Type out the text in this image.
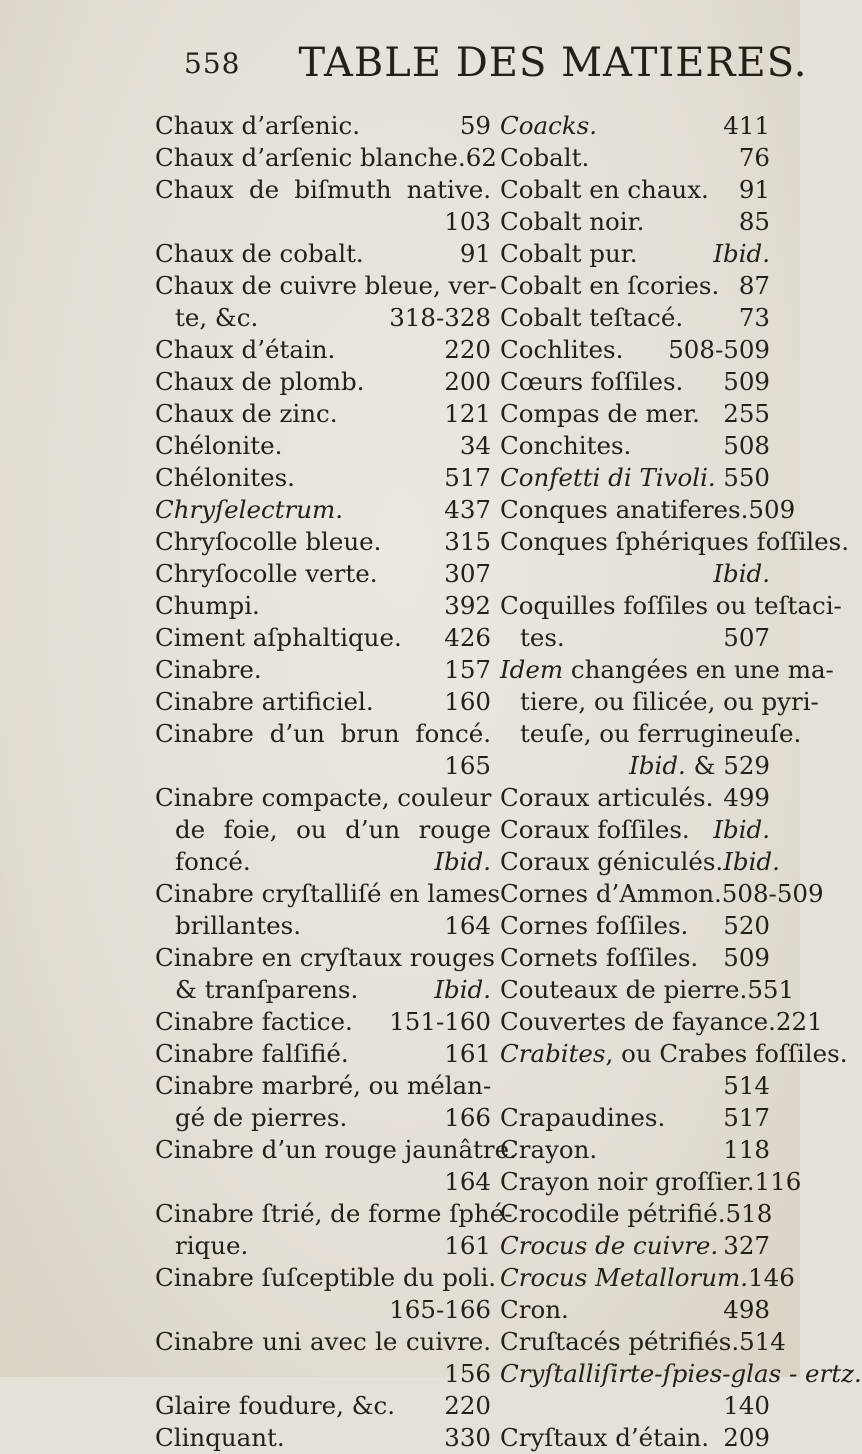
558 TABLE DES MATIERES.
Chaux d’arſenic.	59
Chaux d’arſenic blanche. 62
Chaux de biſmuth native.
103
Chaux de cobalt.	91
Chaux de cuivre bleue, ver-
te, &c.	318-328
Chaux d’étain.	220
Chaux de plomb.	200
Chaux de zinc.	121
Chélonite.	34
Chélonites.	517
Chryſelectrum.	437
Chryſocolle bleue.	315
Chryſocolle verte.	307
Chumpi.	392
Ciment aſphaltique.	426
Cinabre.	157
Cinabre artificiel.	160
Cinabre d’un brun foncé.
165
Cinabre compacte, couleur
de foie, ou d’un rouge
foncé.	Ibid.
Cinabre cryſtalliſé en lames
brillantes.	164
Cinabre en cryſtaux rouges
& tranſparens.	Ibid.
Cinabre factice.	151-160
Cinabre falſifié.	161
Cinabre marbré, ou mélan-
gé de pierres.	166
Cinabre d’un rouge jaunâtre.
164
Cinabre ſtrié, de forme ſphé-
rique.	161
Cinabre ſuſceptible du poli.
165-166
Cinabre uni avec le cuivre.
156
Glaire foudure, &c.	220
Clinquant.	330
Coacks.	411
Cobalt.	76
Cobalt en chaux.	91
Cobalt noir.	85
Cobalt pur.	Ibid.
Cobalt en ſcories. 87
Cobalt teſtacé.	73
Cochlites.	508-509
Cœurs foſſiles.	509
Compas de mer. 255
Conchites.	508
Confetti di Tivoli. 550
Conques anatiferes. 509
Conques ſphériques foſſiles.
Ibid.
Coquilles foſſiles ou teſtaci-
tes.	507
Idem changées en une ma-
tiere, ou ſilicée, ou pyri-
teuſe, ou ferrugineuſe.
Ibid. & 529
Coraux articulés. 499
Coraux foſſiles. Ibid.
Coraux géniculés. Ibid.
Cornes d’Ammon. 508-509
Cornes foſſiles.	520
Cornets foſſiles.	509
Couteaux de pierre. 551
Couvertes de fayance. 221
Crabites, ou Crabes foſſiles.
514
Crapaudines.	517
Crayon.	118
Crayon noir groſſier. 116
Crocodile pétrifié. 518
Crocus de cuivre. 327
Crocus Metallorum. 146
Cron.	498
Cruſtacés pétrifiés. 514
Cryſtalliſirte-ſpies-glas - ertz.
140
Cryſtaux d’étain. 209
